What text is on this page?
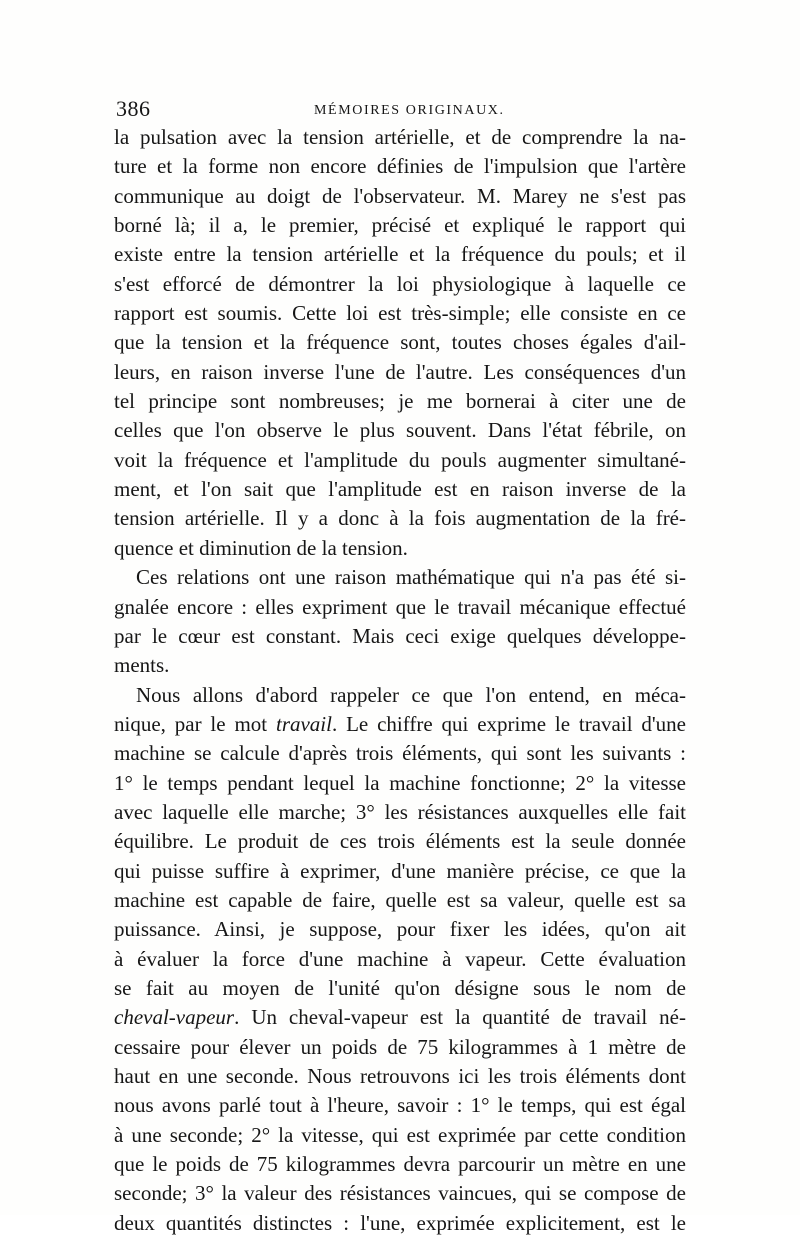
386	MÉMOIRES ORIGINAUX.
la pulsation avec la tension artérielle, et de comprendre la na-
ture et la forme non encore définies de l'impulsion que l'artère
communique au doigt de l'observateur. M. Marey ne s'est pas
borné là; il a, le premier, précisé et expliqué le rapport qui
existe entre la tension artérielle et la fréquence du pouls; et il
s'est efforcé de démontrer la loi physiologique à laquelle ce
rapport est soumis. Cette loi est très-simple; elle consiste en ce
que la tension et la fréquence sont, toutes choses égales d'ail-
leurs, en raison inverse l'une de l'autre. Les conséquences d'un
tel principe sont nombreuses; je me bornerai à citer une de
celles que l'on observe le plus souvent. Dans l'état fébrile, on
voit la fréquence et l'amplitude du pouls augmenter simultané-
ment, et l'on sait que l'amplitude est en raison inverse de la
tension artérielle. Il y a donc à la fois augmentation de la fré-
quence et diminution de la tension.
Ces relations ont une raison mathématique qui n'a pas été si-
gnalée encore : elles expriment que le travail mécanique effectué
par le cœur est constant. Mais ceci exige quelques développe-
ments.
Nous allons d'abord rappeler ce que l'on entend, en méca-
nique, par le mot travail. Le chiffre qui exprime le travail d'une
machine se calcule d'après trois éléments, qui sont les suivants :
1° le temps pendant lequel la machine fonctionne; 2° la vitesse
avec laquelle elle marche; 3° les résistances auxquelles elle fait
équilibre. Le produit de ces trois éléments est la seule donnée
qui puisse suffire à exprimer, d'une manière précise, ce que la
machine est capable de faire, quelle est sa valeur, quelle est sa
puissance. Ainsi, je suppose, pour fixer les idées, qu'on ait
à évaluer la force d'une machine à vapeur. Cette évaluation
se fait au moyen de l'unité qu'on désigne sous le nom de
cheval-vapeur. Un cheval-vapeur est la quantité de travail né-
cessaire pour élever un poids de 75 kilogrammes à 1 mètre de
haut en une seconde. Nous retrouvons ici les trois éléments dont
nous avons parlé tout à l'heure, savoir : 1° le temps, qui est égal
à une seconde; 2° la vitesse, qui est exprimée par cette condition
que le poids de 75 kilogrammes devra parcourir un mètre en une
seconde; 3° la valeur des résistances vaincues, qui se compose de
deux quantités distinctes : l'une, exprimée explicitement, est le
